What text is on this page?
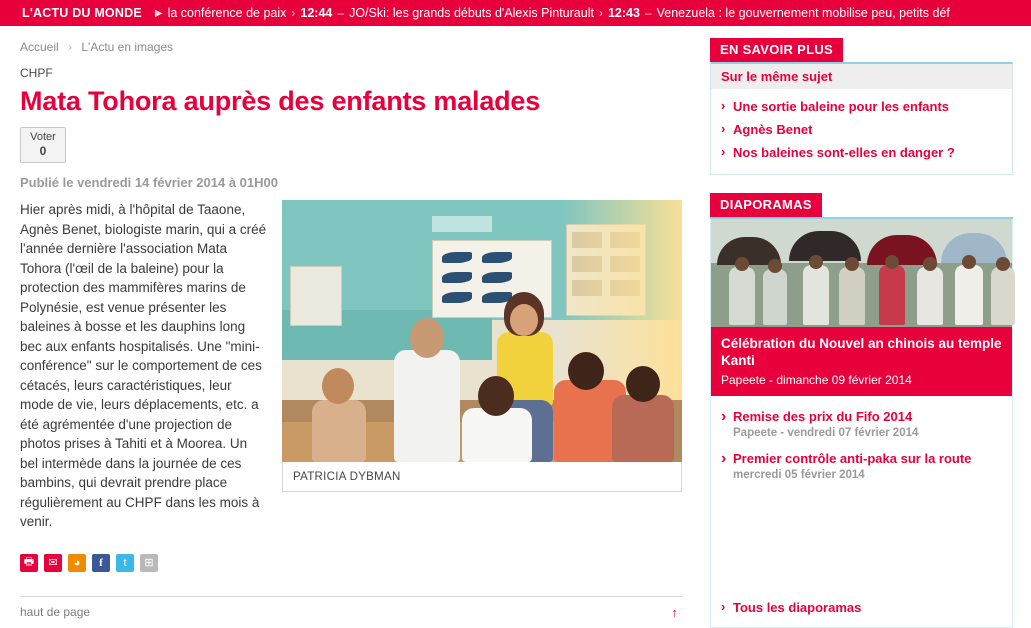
L'ACTU DU MONDE	▶ la conférence de paix › 12:44 – JO/Ski: les grands débuts d'Alexis Pinturault › 12:43 – Venezuela : le gouvernement mobilise peu, petits déf
Accueil › L'Actu en images
CHPF
Mata Tohora auprès des enfants malades
Voter
0
Publié le vendredi 14 février 2014 à 01H00

Hier après midi, à l'hôpital de Taaone, Agnès Benet, biologiste marin, qui a créé l'année dernière l'association Mata Tohora (l'œil de la baleine) pour la protection des mammifères marins de Polynésie, est venue présenter les baleines à bosse et les dauphins long bec aux enfants hospitalisés. Une "mini-conférence" sur le comportement de ces cétacés, leurs caractéristiques, leur mode de vie, leurs déplacements, etc. a été agrémentée d'une projection de photos prises à Tahiti et à Moorea. Un bel intermède dans la journée de ces bambins, qui devrait prendre place régulièrement au CHPF dans les mois à venir.

PATRICIA DYBMAN
🖶	✉	◕	f	t	⊞
haut de page	↑
EN SAVOIR PLUS
Sur le même sujet
› Une sortie baleine pour les enfants
› Agnès Benet
› Nos baleines sont-elles en danger ?
DIAPORAMAS
Célébration du Nouvel an chinois au temple Kanti
Papeete - dimanche 09 février 2014
› Remise des prix du Fifo 2014
Papeete - vendredi 07 février 2014
› Premier contrôle anti-paka sur la route
mercredi 05 février 2014
› Tous les diaporamas
